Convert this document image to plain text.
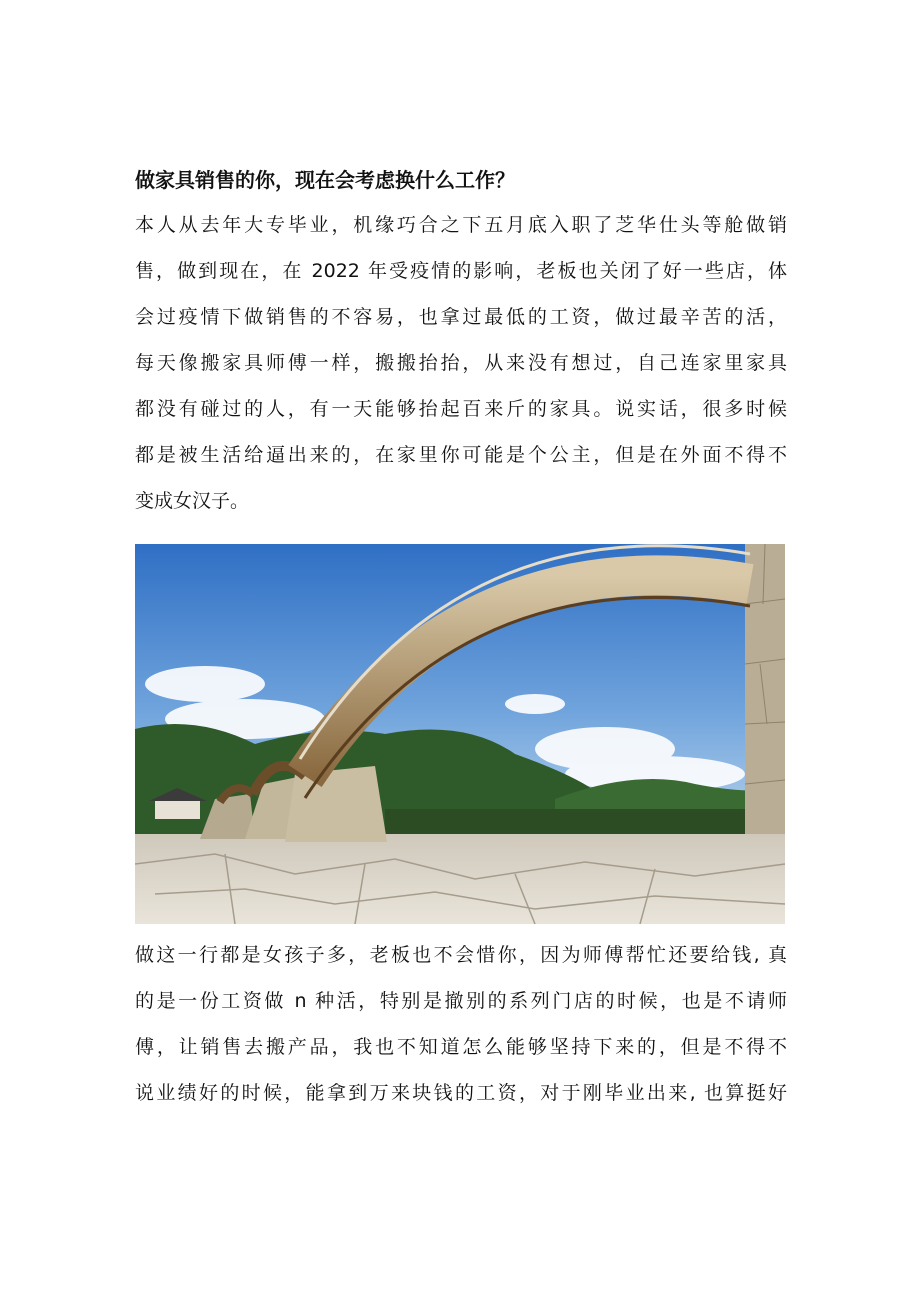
做家具销售的你，现在会考虑换什么工作？
本人从去年大专毕业，机缘巧合之下五月底入职了芝华仕头等舱做销
售，做到现在，在 2022 年受疫情的影响，老板也关闭了好一些店，体
会过疫情下做销售的不容易，也拿过最低的工资，做过最辛苦的活，
每天像搬家具师傅一样，搬搬抬抬，从来没有想过，自己连家里家具
都没有碰过的人，有一天能够抬起百来斤的家具。说实话，很多时候
都是被生活给逼出来的，在家里你可能是个公主，但是在外面不得不
变成女汉子。
做这一行都是女孩子多，老板也不会惜你，因为师傅帮忙还要给钱, 真
的是一份工资做 n 种活，特别是撤别的系列门店的时候，也是不请师
傅，让销售去搬产品，我也不知道怎么能够坚持下来的，但是不得不
说业绩好的时候，能拿到万来块钱的工资，对于刚毕业出来, 也算挺好
